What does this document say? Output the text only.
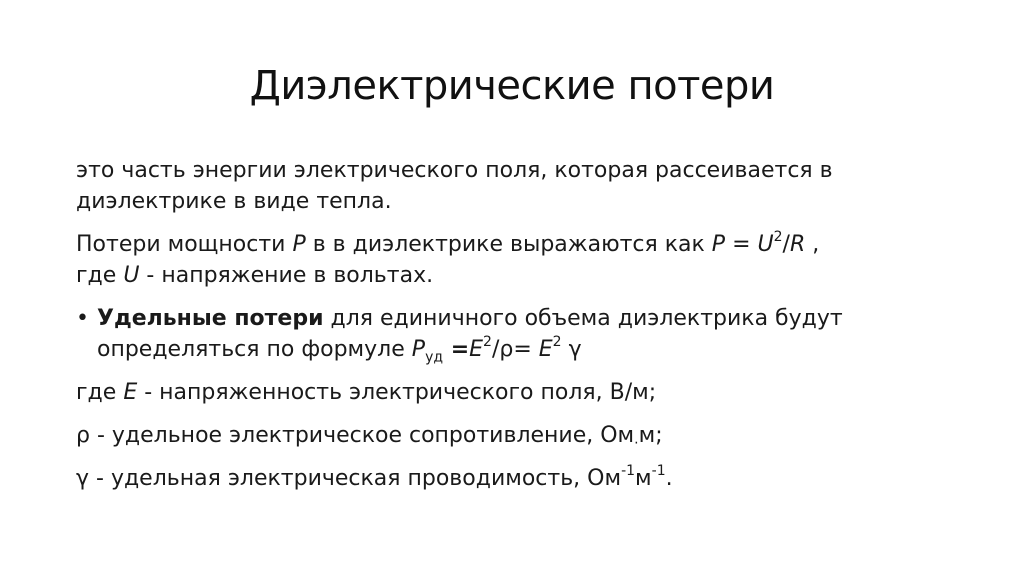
Диэлектрические потери
это часть энергии электрического поля, которая рассеивается в
диэлектрике в виде тепла.
Потери мощности P в в диэлектрике выражаются как $P = U^2/R$ ,
где U - напряжение в вольтах.
• Удельные потери для единичного объема диэлектрика будут
определяться по формуле $P_{уд} =E^2/\rho= E^2$ γ
где E - напряженность электрического поля, В/м;
ρ - удельное электрическое сопротивление, $Ом_\cdot м$;
γ - удельная электрическая проводимость, $Ом^{-1}м^{-1}$.
